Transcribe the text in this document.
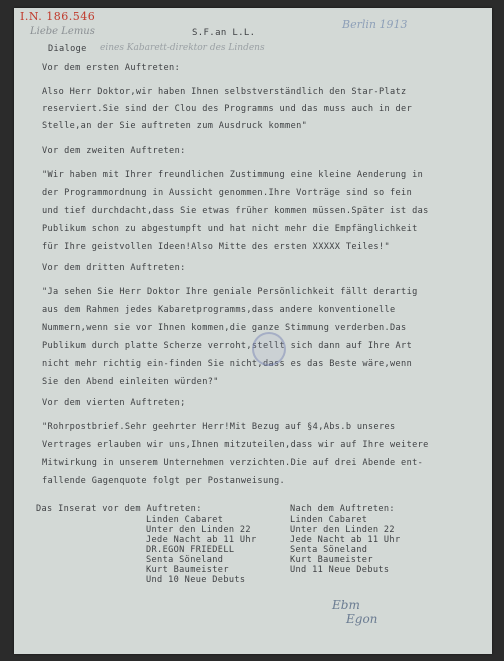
I.N. 186.546
Liebe Lemus
Berlin 1913
S.F.an L.L.
Dialoge eines Kabarett-direktor des Lindens
Vor dem ersten Auftreten:
Also Herr Doktor,wir haben Ihnen selbstverständlich den Star-Platz
reserviert.Sie sind der Clou des Programms und das muss auch in der
Stelle,an der Sie auftreten zum Ausdruck kommen"
Vor dem zweiten Auftreten:
"Wir haben mit Ihrer freundlichen Zustimmung eine kleine Aenderung in
der Programmordnung in Aussicht genommen.Ihre Vorträge sind so fein
und tief durchdacht,dass Sie etwas früher kommen müssen.Später ist das
Publikum schon zu abgestumpft und hat nicht mehr die Empfänglichkeit
für Ihre geistvollen Ideen!Also Mitte des ersten XXXXX Teiles!"
Vor dem dritten Auftreten:
"Ja sehen Sie Herr Doktor Ihre geniale Persönlichkeit fällt derartig
aus dem Rahmen jedes Kabaretprogramms,dass andere konventionelle
Nummern,wenn sie vor Ihnen kommen,die ganze Stimmung verderben.Das
Publikum durch platte Scherze verroht,stellt sich dann auf Ihre Art
nicht mehr richtig ein-finden Sie nicht,dass es das Beste wäre,wenn
Sie den Abend einleiten würden?"
Vor dem vierten Auftreten;
"Rohrpostbrief.Sehr geehrter Herr!Mit Bezug auf §4,Abs.b unseres
Vertrages erlauben wir uns,Ihnen mitzuteilen,dass wir auf Ihre weitere
Mitwirkung in unserem Unternehmen verzichten.Die auf drei Abende ent-
fallende Gagenquote folgt per Postanweisung.
Das Inserat vor dem Auftreten:	Nach dem Auftreten:
Linden Cabaret
Unter den Linden 22
Jede Nacht ab 11 Uhr
DR.EGON FRIEDELL
Senta Söneland
Kurt Baumeister
Und 10 Neue Debuts
Linden Cabaret
Unter den Linden 22
Jede Nacht ab 11 Uhr
Senta Söneland
Kurt Baumeister
Und 11 Neue Debuts
Ebm
Egon
